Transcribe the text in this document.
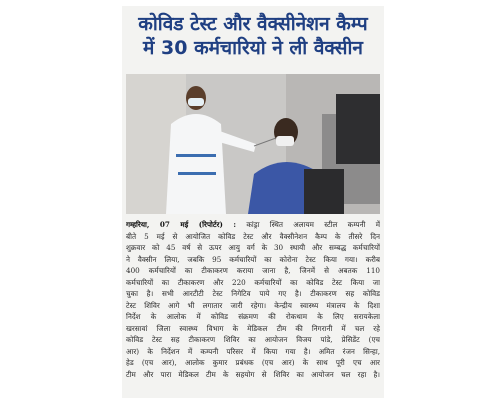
कोविड टेस्ट और वैक्सीनेशन कैम्प
में 30 कर्मचारियो ने ली वैक्सीन
गम्हरिया, 07 मई (रिपोर्टर) : कांड्रा स्थित अलायम स्टील कम्पनी में
बीते 5 मई से आयोजित कोविड टेस्ट और वैक्सीनेशन कैम्प के तीसरे दिन
शुक्रवार को 45 वर्ष से ऊपर आयु वर्ग के 30 स्थायी और सम्बद्ध कर्मचारियों
ने वैक्सीन लिया, जबकि 95 कर्मचारियों का कोरोना टेस्ट किया गया। करीब
400 कर्मचारियों का टीकाकरण कराया जाना है, जिनमें से अबतक 110
कर्मचारियों का टीकाकरण और 220 कर्मचारियों का कोविड टेस्ट किया जा
चुका है। सभी आरटीटी टेस्ट निगेटिव पाये गए है। टीकाकरण सह कोविड
टेस्ट शिविर आगे भी लगातार जारी रहेगा। केन्द्रीय स्वास्थ्य मंत्रालय के दिशा
निर्देश के आलोक में कोविड संक्रमण की रोकथाम के लिए सरायकेला
खरसावां जिला स्वास्थ्य विभाग के मेडिकल टीम की निगरानी में चल रहे
कोविड टेस्ट सह टीकाकरण शिविर का आयोजन विजय पांडे, प्रेसिडेंट (एच
आर) के निर्देशन में कम्पनी परिसर में किया गया है। अमित रंजन सिन्हा,
हेड (एच आर), आलोक कुमार प्रबंधक (एच आर) के साथ पूरी एच आर
टीम और पारा मेडिकल टीम के सहयोग से शिविर का आयोजन चल रहा है।
